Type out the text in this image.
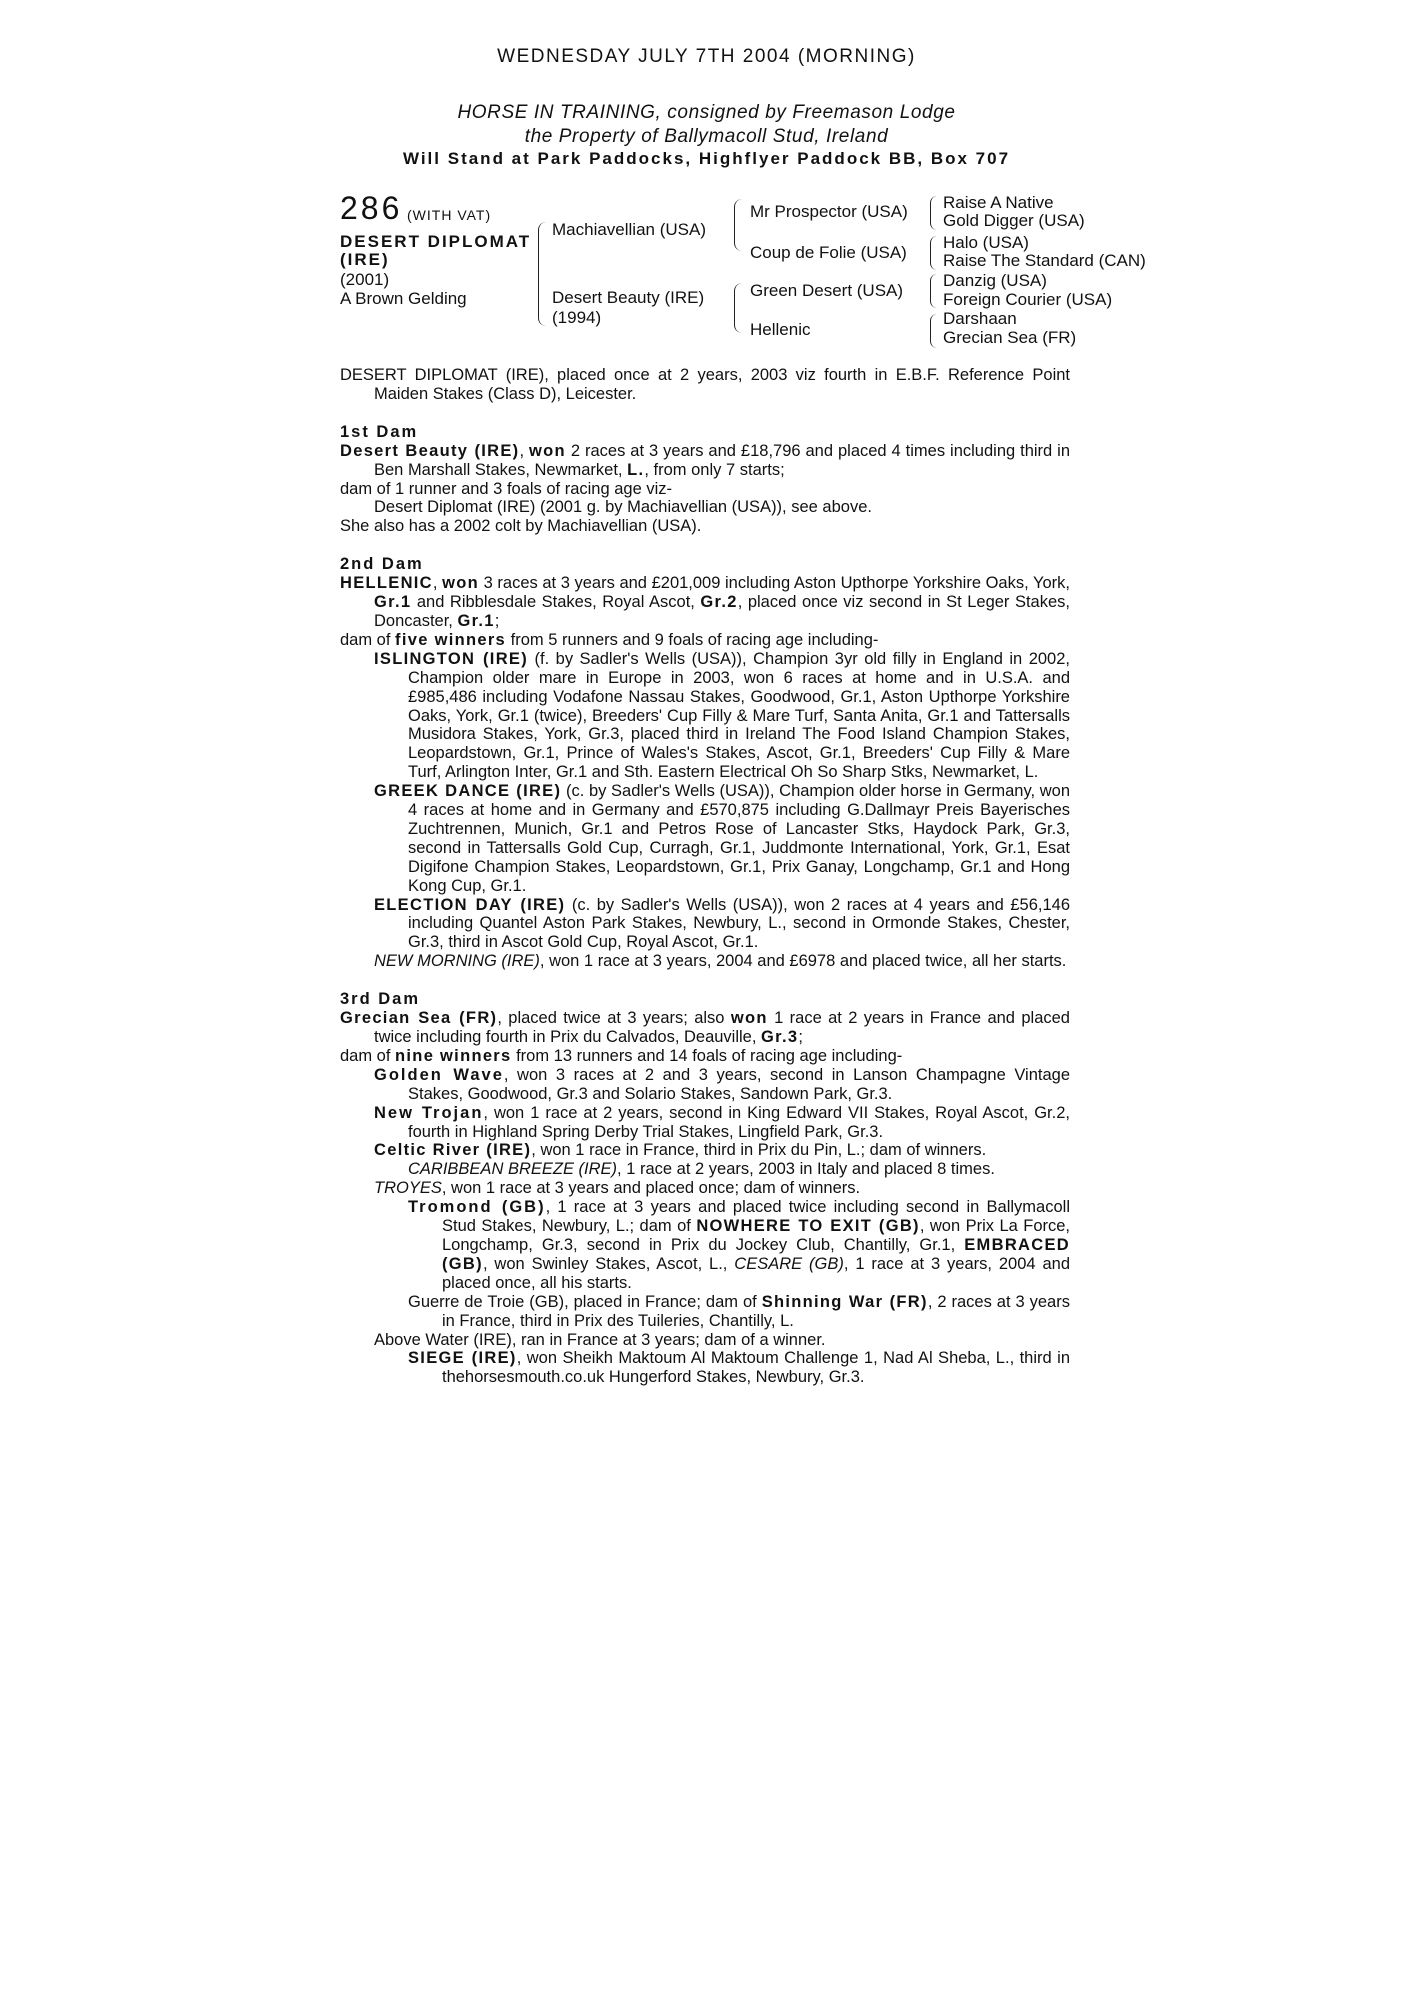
WEDNESDAY JULY 7TH 2004 (MORNING)
HORSE IN TRAINING, consigned by Freemason Lodge
the Property of Ballymacoll Stud, Ireland
Will Stand at Park Paddocks, Highflyer Paddock BB, Box 707
286 (WITH VAT)
DESERT DIPLOMAT (IRE)
(2001)
A Brown Gelding
Machiavellian (USA)
Desert Beauty (IRE)
(1994)
Mr Prospector (USA)
Coup de Folie (USA)
Green Desert (USA)
Hellenic
Raise A Native
Gold Digger (USA)
Halo (USA)
Raise The Standard (CAN)
Danzig (USA)
Foreign Courier (USA)
Darshaan
Grecian Sea (FR)

DESERT DIPLOMAT (IRE), placed once at 2 years, 2003 viz fourth in E.B.F. Reference Point Maiden Stakes (Class D), Leicester.

1st Dam

Desert Beauty (IRE), won 2 races at 3 years and £18,796 and placed 4 times including third in Ben Marshall Stakes, Newmarket, L., from only 7 starts;

dam of 1 runner and 3 foals of racing age viz-

Desert Diplomat (IRE) (2001 g. by Machiavellian (USA)), see above.

She also has a 2002 colt by Machiavellian (USA).

2nd Dam

HELLENIC, won 3 races at 3 years and £201,009 including Aston Upthorpe Yorkshire Oaks, York, Gr.1 and Ribblesdale Stakes, Royal Ascot, Gr.2, placed once viz second in St Leger Stakes, Doncaster, Gr.1;

dam of five winners from 5 runners and 9 foals of racing age including-

ISLINGTON (IRE) (f. by Sadler's Wells (USA)), Champion 3yr old filly in England in 2002, Champion older mare in Europe in 2003, won 6 races at home and in U.S.A. and £985,486 including Vodafone Nassau Stakes, Goodwood, Gr.1, Aston Upthorpe Yorkshire Oaks, York, Gr.1 (twice), Breeders' Cup Filly & Mare Turf, Santa Anita, Gr.1 and Tattersalls Musidora Stakes, York, Gr.3, placed third in Ireland The Food Island Champion Stakes, Leopardstown, Gr.1, Prince of Wales's Stakes, Ascot, Gr.1, Breeders' Cup Filly & Mare Turf, Arlington Inter, Gr.1 and Sth. Eastern Electrical Oh So Sharp Stks, Newmarket, L.

GREEK DANCE (IRE) (c. by Sadler's Wells (USA)), Champion older horse in Germany, won 4 races at home and in Germany and £570,875 including G.Dallmayr Preis Bayerisches Zuchtrennen, Munich, Gr.1 and Petros Rose of Lancaster Stks, Haydock Park, Gr.3, second in Tattersalls Gold Cup, Curragh, Gr.1, Juddmonte International, York, Gr.1, Esat Digifone Champion Stakes, Leopardstown, Gr.1, Prix Ganay, Longchamp, Gr.1 and Hong Kong Cup, Gr.1.

ELECTION DAY (IRE) (c. by Sadler's Wells (USA)), won 2 races at 4 years and £56,146 including Quantel Aston Park Stakes, Newbury, L., second in Ormonde Stakes, Chester, Gr.3, third in Ascot Gold Cup, Royal Ascot, Gr.1.

NEW MORNING (IRE), won 1 race at 3 years, 2004 and £6978 and placed twice, all her starts.

3rd Dam

Grecian Sea (FR), placed twice at 3 years; also won 1 race at 2 years in France and placed twice including fourth in Prix du Calvados, Deauville, Gr.3;

dam of nine winners from 13 runners and 14 foals of racing age including-

Golden Wave, won 3 races at 2 and 3 years, second in Lanson Champagne Vintage Stakes, Goodwood, Gr.3 and Solario Stakes, Sandown Park, Gr.3.

New Trojan, won 1 race at 2 years, second in King Edward VII Stakes, Royal Ascot, Gr.2, fourth in Highland Spring Derby Trial Stakes, Lingfield Park, Gr.3.

Celtic River (IRE), won 1 race in France, third in Prix du Pin, L.; dam of winners.

CARIBBEAN BREEZE (IRE), 1 race at 2 years, 2003 in Italy and placed 8 times.

TROYES, won 1 race at 3 years and placed once; dam of winners.

Tromond (GB), 1 race at 3 years and placed twice including second in Ballymacoll Stud Stakes, Newbury, L.; dam of NOWHERE TO EXIT (GB), won Prix La Force, Longchamp, Gr.3, second in Prix du Jockey Club, Chantilly, Gr.1, EMBRACED (GB), won Swinley Stakes, Ascot, L., CESARE (GB), 1 race at 3 years, 2004 and placed once, all his starts.

Guerre de Troie (GB), placed in France; dam of Shinning War (FR), 2 races at 3 years in France, third in Prix des Tuileries, Chantilly, L.

Above Water (IRE), ran in France at 3 years; dam of a winner.

SIEGE (IRE), won Sheikh Maktoum Al Maktoum Challenge 1, Nad Al Sheba, L., third in thehorsesmouth.co.uk Hungerford Stakes, Newbury, Gr.3.
